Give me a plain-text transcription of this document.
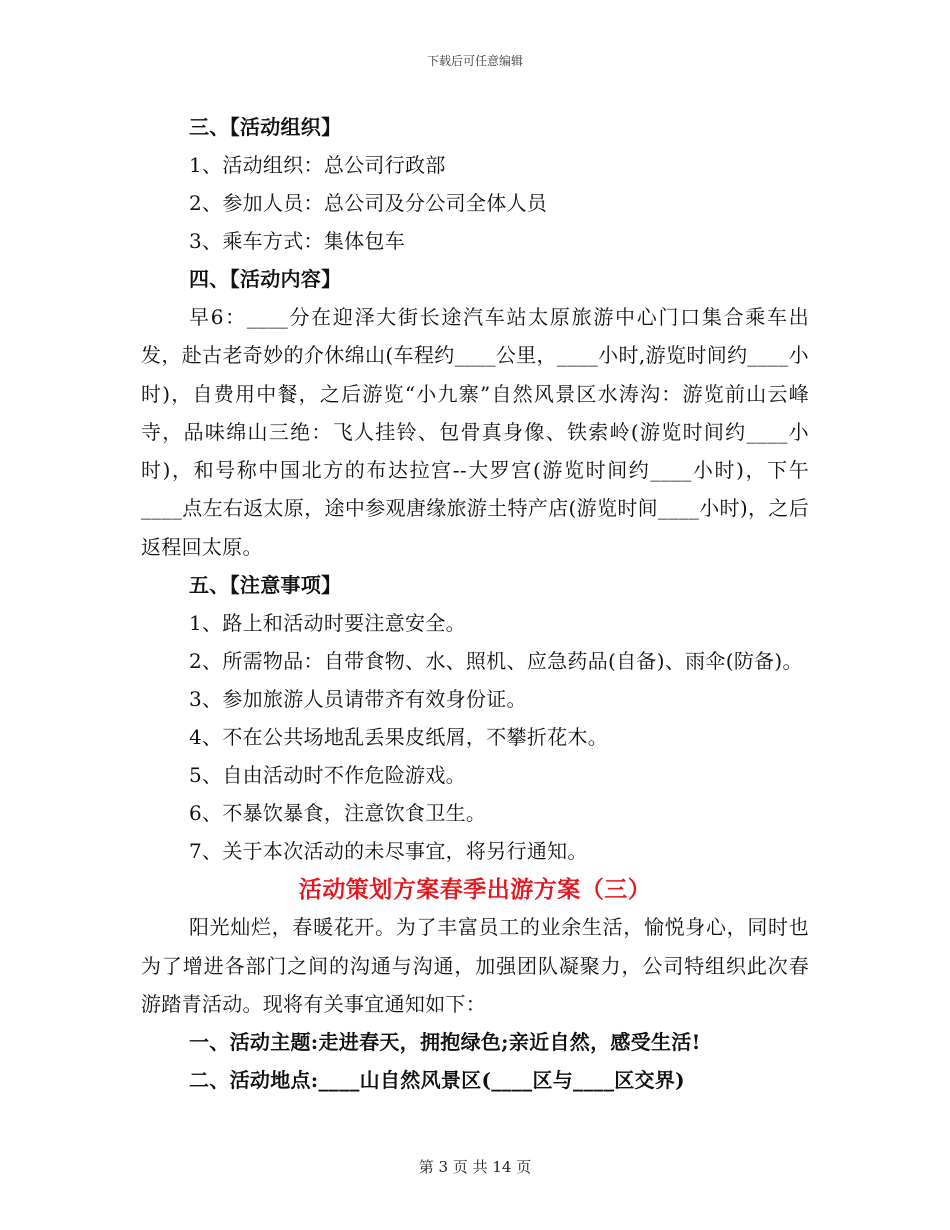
下载后可任意编辑
三、【活动组织】
1、活动组织：总公司行政部
2、参加人员：总公司及分公司全体人员
3、乘车方式：集体包车
四、【活动内容】

早6：____分在迎泽大街长途汽车站太原旅游中心门口集合乘车出发，赴古老奇妙的介休绵山(车程约____公里，____小时,游览时间约____小时)，自费用中餐，之后游览“小九寨”自然风景区水涛沟：游览前山云峰寺，品味绵山三绝：飞人挂铃、包骨真身像、铁索岭(游览时间约____小时)，和号称中国北方的布达拉宫--大罗宫(游览时间约____小时)，下午____点左右返太原，途中参观唐缘旅游土特产店(游览时间____小时)，之后返程回太原。

五、【注意事项】
1、路上和活动时要注意安全。

2、所需物品：自带食物、水、照机、应急药品(自备)、雨伞(防备)。

3、参加旅游人员请带齐有效身份证。
4、不在公共场地乱丢果皮纸屑，不攀折花木。
5、自由活动时不作危险游戏。
6、不暴饮暴食，注意饮食卫生。
7、关于本次活动的未尽事宜，将另行通知。
活动策划方案春季出游方案（三）

阳光灿烂，春暖花开。为了丰富员工的业余生活，愉悦身心，同时也为了增进各部门之间的沟通与沟通，加强团队凝聚力，公司特组织此次春游踏青活动。现将有关事宜通知如下：

一、活动主题:走进春天，拥抱绿色;亲近自然，感受生活!
二、活动地点:____山自然风景区(____区与____区交界)
第 3 页 共 14 页
